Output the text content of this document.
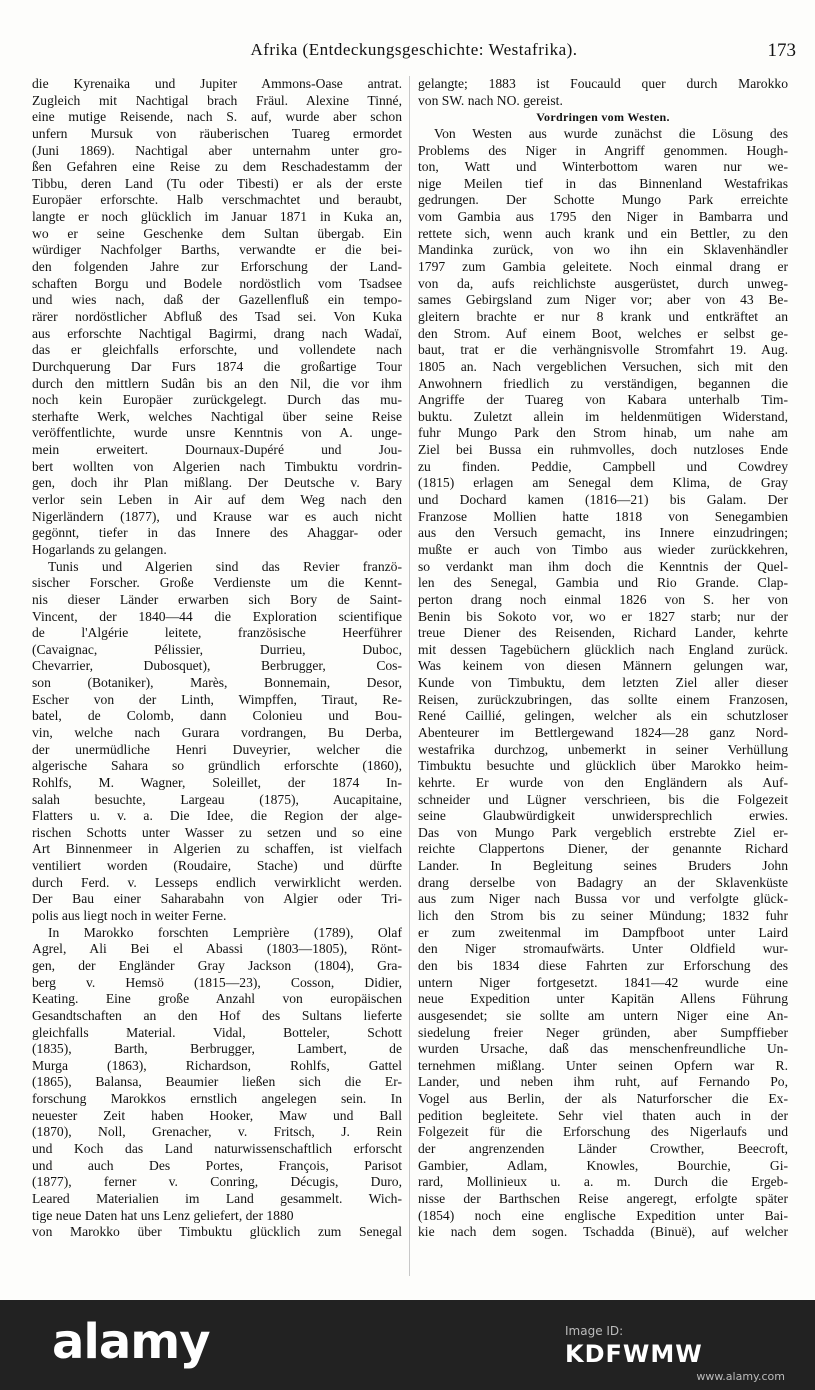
Afrika (Entdeckungsgeschichte: Westafrika).	173
die Kyrenaika und Jupiter Ammons-Oase antrat.
Zugleich mit Nachtigal brach Fräul. Alexine Tinné,
eine mutige Reisende, nach S. auf, wurde aber schon
unfern Mursuk von räuberischen Tuareg ermordet
(Juni 1869). Nachtigal aber unternahm unter gro-
ßen Gefahren eine Reise zu dem Reschadestamm der
Tibbu, deren Land (Tu oder Tibesti) er als der erste
Europäer erforschte. Halb verschmachtet und beraubt,
langte er noch glücklich im Januar 1871 in Kuka an,
wo er seine Geschenke dem Sultan übergab. Ein
würdiger Nachfolger Barths, verwandte er die bei-
den folgenden Jahre zur Erforschung der Land-
schaften Borgu und Bodele nordöstlich vom Tsadsee
und wies nach, daß der Gazellenfluß ein tempo-
rärer nordöstlicher Abfluß des Tsad sei. Von Kuka
aus erforschte Nachtigal Bagirmi, drang nach Wadaï,
das er gleichfalls erforschte, und vollendete nach
Durchquerung Dar Furs 1874 die großartige Tour
durch den mittlern Sudân bis an den Nil, die vor ihm
noch kein Europäer zurückgelegt. Durch das mu-
sterhafte Werk, welches Nachtigal über seine Reise
veröffentlichte, wurde unsre Kenntnis von A. unge-
mein erweitert. Dournaux-Dupéré und Jou-
bert wollten von Algerien nach Timbuktu vordrin-
gen, doch ihr Plan mißlang. Der Deutsche v. Bary
verlor sein Leben in Air auf dem Weg nach den
Nigerländern (1877), und Krause war es auch nicht
gegönnt, tiefer in das Innere des Ahaggar- oder
Hogarlands zu gelangen.
Tunis und Algerien sind das Revier franzö-
sischer Forscher. Große Verdienste um die Kennt-
nis dieser Länder erwarben sich Bory de Saint-
Vincent, der 1840—44 die Exploration scientifique
de l'Algérie leitete, französische Heerführer
(Cavaignac, Pélissier, Durrieu, Duboc,
Chevarrier, Dubosquet), Berbrugger, Cos-
son (Botaniker), Marès, Bonnemain, Desor,
Escher von der Linth, Wimpffen, Tiraut, Re-
batel, de Colomb, dann Colonieu und Bou-
vin, welche nach Gurara vordrangen, Bu Derba,
der unermüdliche Henri Duveyrier, welcher die
algerische Sahara so gründlich erforschte (1860),
Rohlfs, M. Wagner, Soleillet, der 1874 In-
salah besuchte, Largeau (1875), Aucapitaine,
Flatters u. v. a. Die Idee, die Region der alge-
rischen Schotts unter Wasser zu setzen und so eine
Art Binnenmeer in Algerien zu schaffen, ist vielfach
ventiliert worden (Roudaire, Stache) und dürfte
durch Ferd. v. Lesseps endlich verwirklicht werden.
Der Bau einer Saharabahn von Algier oder Tri-
polis aus liegt noch in weiter Ferne.
In Marokko forschten Lemprière (1789), Olaf
Agrel, Ali Bei el Abassi (1803—1805), Rönt-
gen, der Engländer Gray Jackson (1804), Gra-
berg v. Hemsö (1815—23), Cosson, Didier,
Keating. Eine große Anzahl von europäischen
Gesandtschaften an den Hof des Sultans lieferte
gleichfalls Material. Vidal, Botteler, Schott
(1835), Barth, Berbrugger, Lambert, de
Murga (1863), Richardson, Rohlfs, Gattel
(1865), Balansa, Beaumier ließen sich die Er-
forschung Marokkos ernstlich angelegen sein. In
neuester Zeit haben Hooker, Maw und Ball
(1870), Noll, Grenacher, v. Fritsch, J. Rein
und Koch das Land naturwissenschaftlich erforscht
und auch Des Portes, François, Parisot
(1877), ferner v. Conring, Décugis, Duro,
Leared Materialien im Land gesammelt. Wich-
tige neue Daten hat uns Lenz geliefert, der 1880
von Marokko über Timbuktu glücklich zum Senegal
gelangte; 1883 ist Foucauld quer durch Marokko
von SW. nach NO. gereist.
Vordringen vom Westen.
Von Westen aus wurde zunächst die Lösung des
Problems des Niger in Angriff genommen. Hough-
ton, Watt und Winterbottom waren nur we-
nige Meilen tief in das Binnenland Westafrikas
gedrungen. Der Schotte Mungo Park erreichte
vom Gambia aus 1795 den Niger in Bambarra und
rettete sich, wenn auch krank und ein Bettler, zu den
Mandinka zurück, von wo ihn ein Sklavenhändler
1797 zum Gambia geleitete. Noch einmal drang er
von da, aufs reichlichste ausgerüstet, durch unweg-
sames Gebirgsland zum Niger vor; aber von 43 Be-
gleitern brachte er nur 8 krank und entkräftet an
den Strom. Auf einem Boot, welches er selbst ge-
baut, trat er die verhängnisvolle Stromfahrt 19. Aug.
1805 an. Nach vergeblichen Versuchen, sich mit den
Anwohnern friedlich zu verständigen, begannen die
Angriffe der Tuareg von Kabara unterhalb Tim-
buktu. Zuletzt allein im heldenmütigen Widerstand,
fuhr Mungo Park den Strom hinab, um nahe am
Ziel bei Bussa ein ruhmvolles, doch nutzloses Ende
zu finden. Peddie, Campbell und Cowdrey
(1815) erlagen am Senegal dem Klima, de Gray
und Dochard kamen (1816—21) bis Galam. Der
Franzose Mollien hatte 1818 von Senegambien
aus den Versuch gemacht, ins Innere einzudringen;
mußte er auch von Timbo aus wieder zurückkehren,
so verdankt man ihm doch die Kenntnis der Quel-
len des Senegal, Gambia und Rio Grande. Clap-
perton drang noch einmal 1826 von S. her von
Benin bis Sokoto vor, wo er 1827 starb; nur der
treue Diener des Reisenden, Richard Lander, kehrte
mit dessen Tagebüchern glücklich nach England zurück.
Was keinem von diesen Männern gelungen war,
Kunde von Timbuktu, dem letzten Ziel aller dieser
Reisen, zurückzubringen, das sollte einem Franzosen,
René Caillié, gelingen, welcher als ein schutzloser
Abenteurer im Bettlergewand 1824—28 ganz Nord-
westafrika durchzog, unbemerkt in seiner Verhüllung
Timbuktu besuchte und glücklich über Marokko heim-
kehrte. Er wurde von den Engländern als Auf-
schneider und Lügner verschrieen, bis die Folgezeit
seine Glaubwürdigkeit unwidersprechlich erwies.
Das von Mungo Park vergeblich erstrebte Ziel er-
reichte Clappertons Diener, der genannte Richard
Lander. In Begleitung seines Bruders John
drang derselbe von Badagry an der Sklavenküste
aus zum Niger nach Bussa vor und verfolgte glück-
lich den Strom bis zu seiner Mündung; 1832 fuhr
er zum zweitenmal im Dampfboot unter Laird
den Niger stromaufwärts. Unter Oldfield wur-
den bis 1834 diese Fahrten zur Erforschung des
untern Niger fortgesetzt. 1841—42 wurde eine
neue Expedition unter Kapitän Allens Führung
ausgesendet; sie sollte am untern Niger eine An-
siedelung freier Neger gründen, aber Sumpffieber
wurden Ursache, daß das menschenfreundliche Un-
ternehmen mißlang. Unter seinen Opfern war R.
Lander, und neben ihm ruht, auf Fernando Po,
Vogel aus Berlin, der als Naturforscher die Ex-
pedition begleitete. Sehr viel thaten auch in der
Folgezeit für die Erforschung des Nigerlaufs und
der angrenzenden Länder Crowther, Beecroft,
Gambier, Adlam, Knowles, Bourchie, Gi-
rard, Mollinieux u. a. m. Durch die Ergeb-
nisse der Barthschen Reise angeregt, erfolgte später
(1854) noch eine englische Expedition unter Bai-
kie nach dem sogen. Tschadda (Binuë), auf welcher
alamy	Image ID:
KDFWMW
www.alamy.com
